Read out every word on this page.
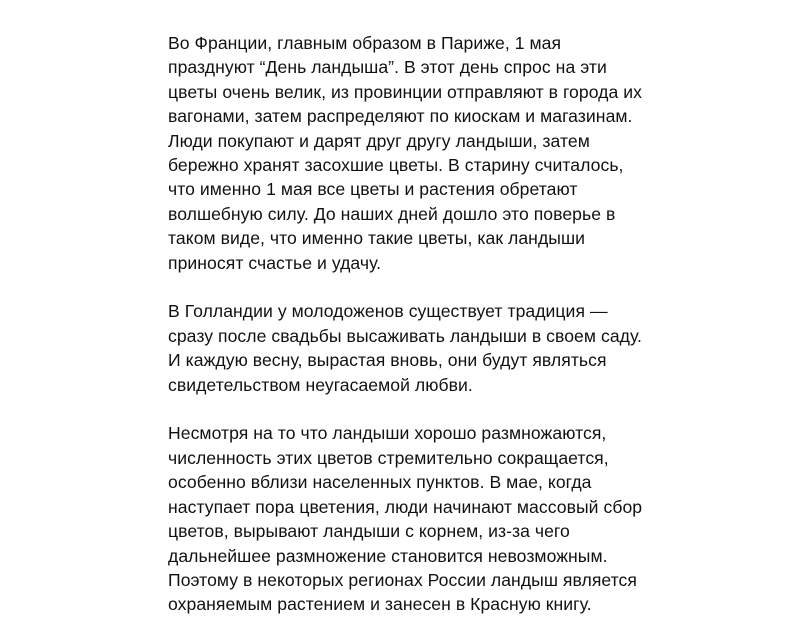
Во Франции, главным образом в Париже, 1 мая
празднуют “День ландыша”. В этот день спрос на эти
цветы очень велик, из провинции отправляют в города их
вагонами, затем распределяют по киоскам и магазинам.
Люди покупают и дарят друг другу ландыши, затем
бережно хранят засохшие цветы. В старину считалось,
что именно 1 мая все цветы и растения обретают
волшебную силу. До наших дней дошло это поверье в
таком виде, что именно такие цветы, как ландыши
приносят счастье и удачу.

В Голландии у молодоженов существует традиция —
сразу после свадьбы высаживать ландыши в своем саду.
И каждую весну, вырастая вновь, они будут являться
свидетельством неугасаемой любви.

Несмотря на то что ландыши хорошо размножаются,
численность этих цветов стремительно сокращается,
особенно вблизи населенных пунктов. В мае, когда
наступает пора цветения, люди начинают массовый сбор
цветов, вырывают ландыши с корнем, из-за чего
дальнейшее размножение становится невозможным.
Поэтому в некоторых регионах России ландыш является
охраняемым растением и занесен в Красную книгу.
